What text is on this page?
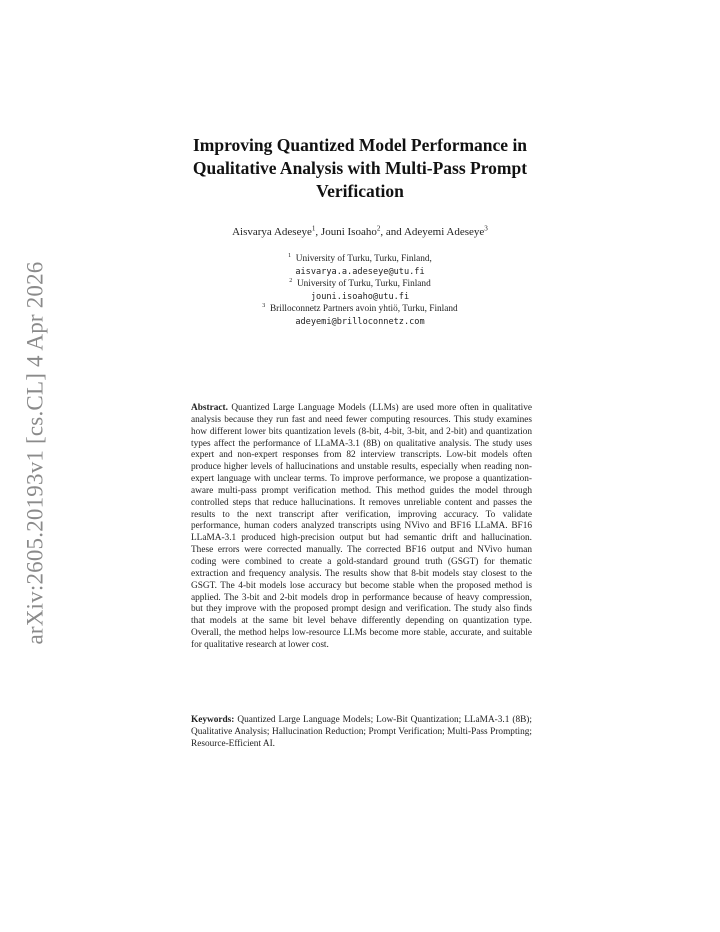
arXiv:2605.20193v1 [cs.CL] 4 Apr 2026
Improving Quantized Model Performance in Qualitative Analysis with Multi-Pass Prompt Verification
Aisvarya Adeseye$^1$, Jouni Isoaho$^2$, and Adeyemi Adeseye$^3$
$^1$ University of Turku, Turku, Finland,
aisvarya.a.adeseye@utu.fi
$^2$ University of Turku, Turku, Finland
jouni.isoaho@utu.fi
$^3$ Brilloconnetz Partners avoin yhtiö, Turku, Finland
adeyemi@brilloconnetz.com

Abstract. Quantized Large Language Models (LLMs) are used more often in qualitative analysis because they run fast and need fewer computing resources. This study examines how different lower bits quantization levels (8-bit, 4-bit, 3-bit, and 2-bit) and quantization types affect the performance of LLaMA-3.1 (8B) on qualitative analysis. The study uses expert and non-expert responses from 82 interview transcripts. Low-bit models often produce higher levels of hallucinations and unstable results, especially when reading non-expert language with unclear terms. To improve performance, we propose a quantization-aware multi-pass prompt verification method. This method guides the model through controlled steps that reduce hallucinations. It removes unreliable content and passes the results to the next transcript after verification, improving accuracy. To validate performance, human coders analyzed transcripts using NVivo and BF16 LLaMA. BF16 LLaMA-3.1 produced high-precision output but had semantic drift and hallucination. These errors were corrected manually. The corrected BF16 output and NVivo human coding were combined to create a gold-standard ground truth (GSGT) for thematic extraction and frequency analysis. The results show that 8-bit models stay closest to the GSGT. The 4-bit models lose accuracy but become stable when the proposed method is applied. The 3-bit and 2-bit models drop in performance because of heavy compression, but they improve with the proposed prompt design and verification. The study also finds that models at the same bit level behave differently depending on quantization type. Overall, the method helps low-resource LLMs become more stable, accurate, and suitable for qualitative research at lower cost.

Keywords: Quantized Large Language Models; Low-Bit Quantization; LLaMA-3.1 (8B); Qualitative Analysis; Hallucination Reduction; Prompt Verification; Multi-Pass Prompting; Resource-Efficient AI.
